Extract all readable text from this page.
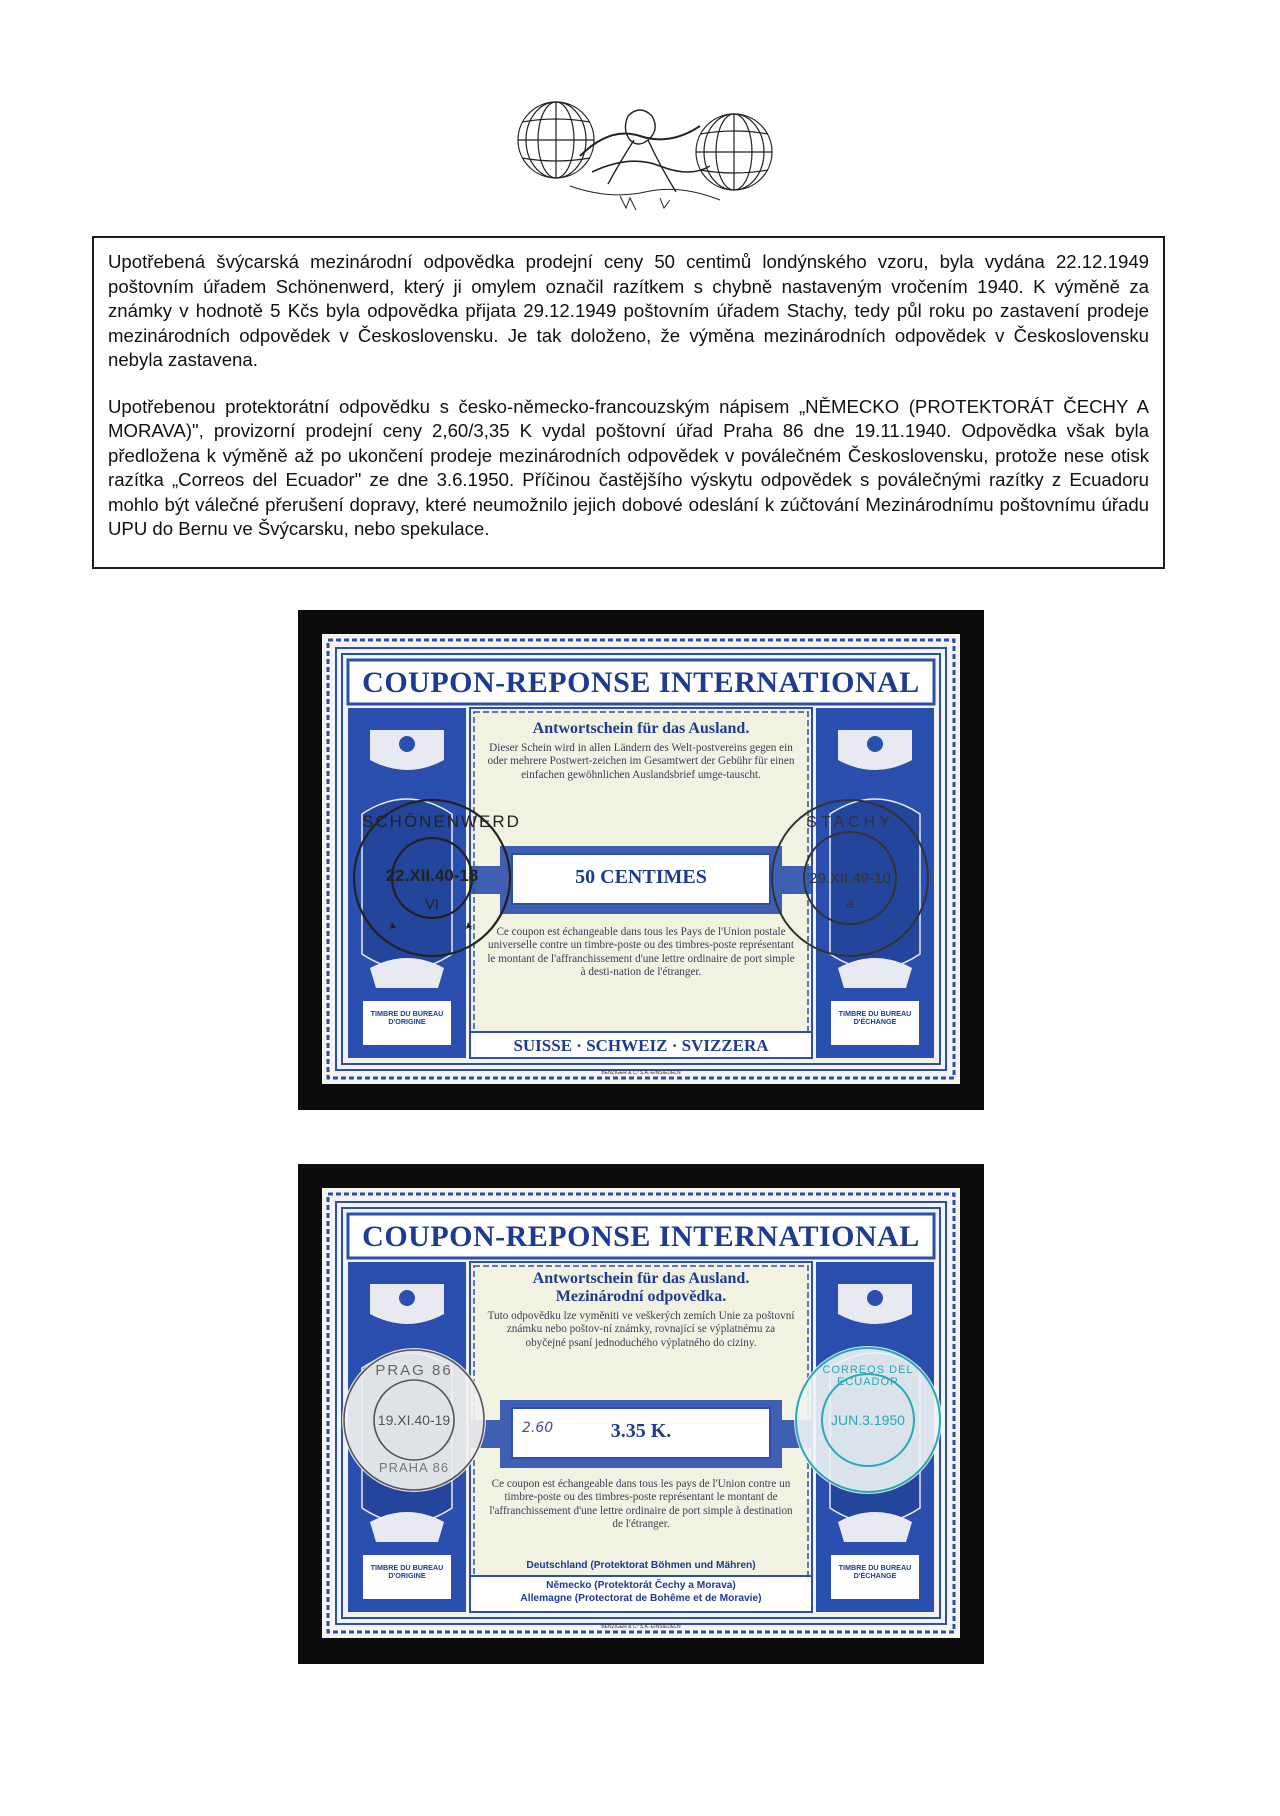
Upotřebená švýcarská mezinárodní odpovědka prodejní ceny 50 centimů londýnského vzoru, byla vydána 22.12.1949 poštovním úřadem Schönenwerd, který ji omylem označil razítkem s chybně nastaveným vročením 1940. K výměně za známky v hodnotě 5 Kčs byla odpovědka přijata 29.12.1949 poštovním úřadem Stachy, tedy půl roku po zastavení prodeje mezinárodních odpovědek v Československu. Je tak doloženo, že výměna mezinárodních odpovědek v Československu nebyla zastavena.

Upotřebenou protektorátní odpovědku s česko-německo-francouzským nápisem „NĚMECKO (PROTEKTORÁT ČECHY A MORAVA)", provizorní prodejní ceny 2,60/3,35 K vydal poštovní úřad Praha 86 dne 19.11.1940. Odpovědka však byla předložena k výměně až po ukončení prodeje mezinárodních odpovědek v poválečném Československu, protože nese otisk razítka „Correos del Ecuador" ze dne 3.6.1950. Příčinou častějšího výskytu odpovědek s poválečnými razítky z Ecuadoru mohlo být válečné přerušení dopravy, které neumožnilo jejich dobové odeslání k zúčtování Mezinárodnímu poštovnímu úřadu UPU do Bernu ve Švýcarsku, nebo spekulace.

COUPON-REPONSE INTERNATIONAL
Antwortschein für das Ausland.
Dieser Schein wird in allen Ländern des Welt-postvereins gegen ein oder mehrere Postwert-zeichen im Gesamtwert der Gebühr für einen einfachen gewöhnlichen Auslandsbrief umge-tauscht.
50 CENTIMES
Ce coupon est échangeable dans tous les Pays de l'Union postale universelle contre un timbre-poste ou des timbres-poste représentant le montant de l'affranchissement d'une lettre ordinaire de port simple à desti-nation de l'étranger.
SUISSE · SCHWEIZ · SVIZZERA
TIMBRE DU BUREAU D'ORIGINE
TIMBRE DU BUREAU D'ÉCHANGE
BENZIGER & Cº S.A.-EINSIEDELN
SCHÖNENWERD
22.XII.40-18
VI
STACHY
29.XII.49-10
a
COUPON-REPONSE INTERNATIONAL
Antwortschein für das Ausland.
Mezinárodní odpovědka.
Tuto odpovědku lze vyměniti ve veškerých zemích Unie za poštovní známku nebo poštov-ní známky, rovnající se výplatnému za obyčejné psaní jednoduchého výplatného do ciziny.
2.60	3.35 K.
Ce coupon est échangeable dans tous les pays de l'Union contre un timbre-poste ou des timbres-poste représentant le montant de l'affranchissement d'une lettre ordinaire de port simple à destination de l'étranger.
Deutschland (Protektorat Böhmen und Mähren)
Německo (Protektorát Čechy a Morava)
Allemagne (Protectorat de Bohême et de Moravie)
TIMBRE DU BUREAU D'ORIGINE
TIMBRE DU BUREAU D'ÉCHANGE
BENZIGER & Cº S.A.-EINSIEDELN
PRAG 86
19.XI.40-19
PRAHA 86
CORREOS DEL ECUADOR
JUN.3.1950
